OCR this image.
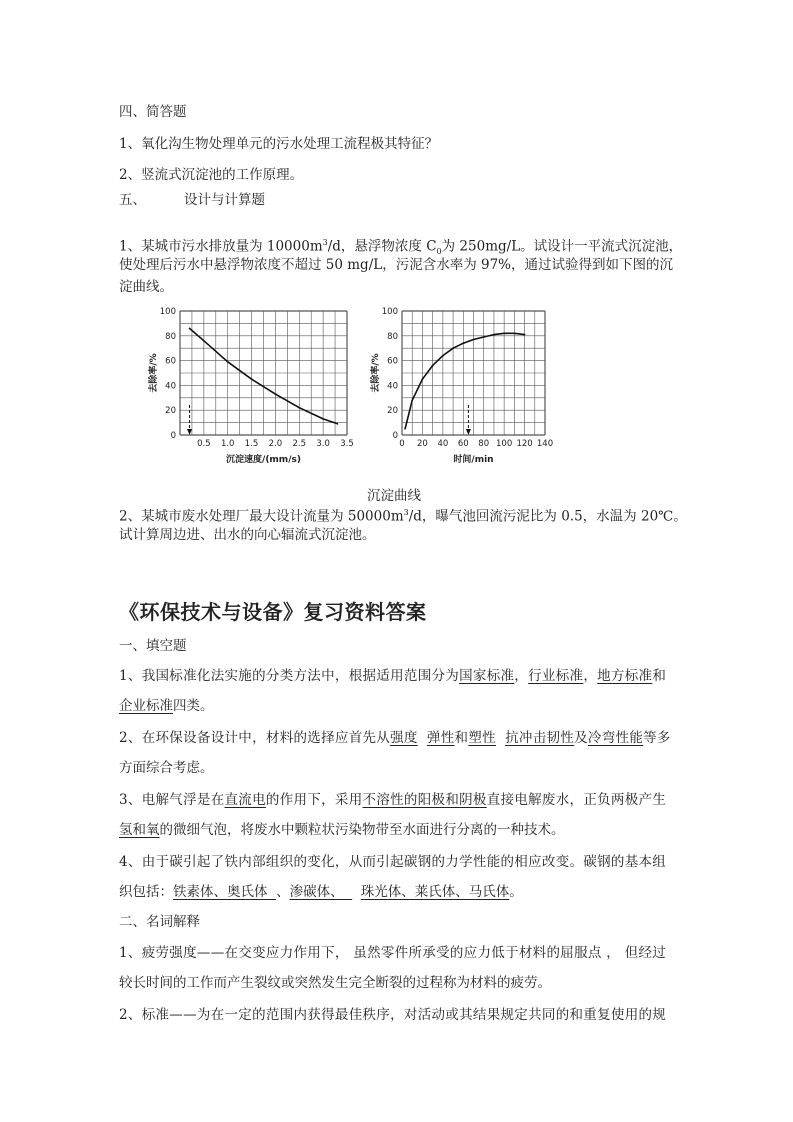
四、简答题
1、氧化沟生物处理单元的污水处理工流程极其特征？
2、竖流式沉淀池的工作原理。
五、	设计与计算题
1、某城市污水排放量为 $10000m^3/d$，悬浮物浓度 $C_0$为 250mg/L。试设计一平流式沉淀池，
使处理后污水中悬浮物浓度不超过 50 mg/L，污泥含水率为 97%，通过试验得到如下图的沉
淀曲线。
0
20
40
60
80
100
0.5 1.0 1.5 2.0 2.5 3.0 3.5
沉淀速度/(mm/s)
去除率/%
0
20
40
60
80
100
0 20 40 60 80 100 120 140
时间/min
去除率/%
沉淀曲线
2、某城市废水处理厂最大设计流量为 $50000m^3/d$，曝气池回流污泥比为 0.5，水温为 20℃。
试计算周边进、出水的向心辐流式沉淀池。
《环保技术与设备》复习资料答案
一、填空题
1、我国标准化法实施的分类方法中，根据适用范围分为国家标准，行业标准，地方标准和
企业标准四类。
2、在环保设备设计中，材料的选择应首先从强度 弹性和塑性 抗冲击韧性及冷弯性能等多
方面综合考虑。
3、电解气浮是在直流电的作用下，采用不溶性的阳极和阴极直接电解废水，正负两极产生
氢和氧的微细气泡，将废水中颗粒状污染物带至水面进行分离的一种技术。
4、由于碳引起了铁内部组织的变化，从而引起碳钢的力学性能的相应改变。碳钢的基本组
织包括：铁素体、奥氏体  、渗碳体、    珠光体、莱氏体、马氏体。
二、名词解释
1、疲劳强度——在交变应力作用下， 虽然零件所承受的应力低于材料的屈服点 ， 但经过
较长时间的工作而产生裂纹或突然发生完全断裂的过程称为材料的疲劳。
2、标准——为在一定的范围内获得最佳秩序，对活动或其结果规定共同的和重复使用的规
